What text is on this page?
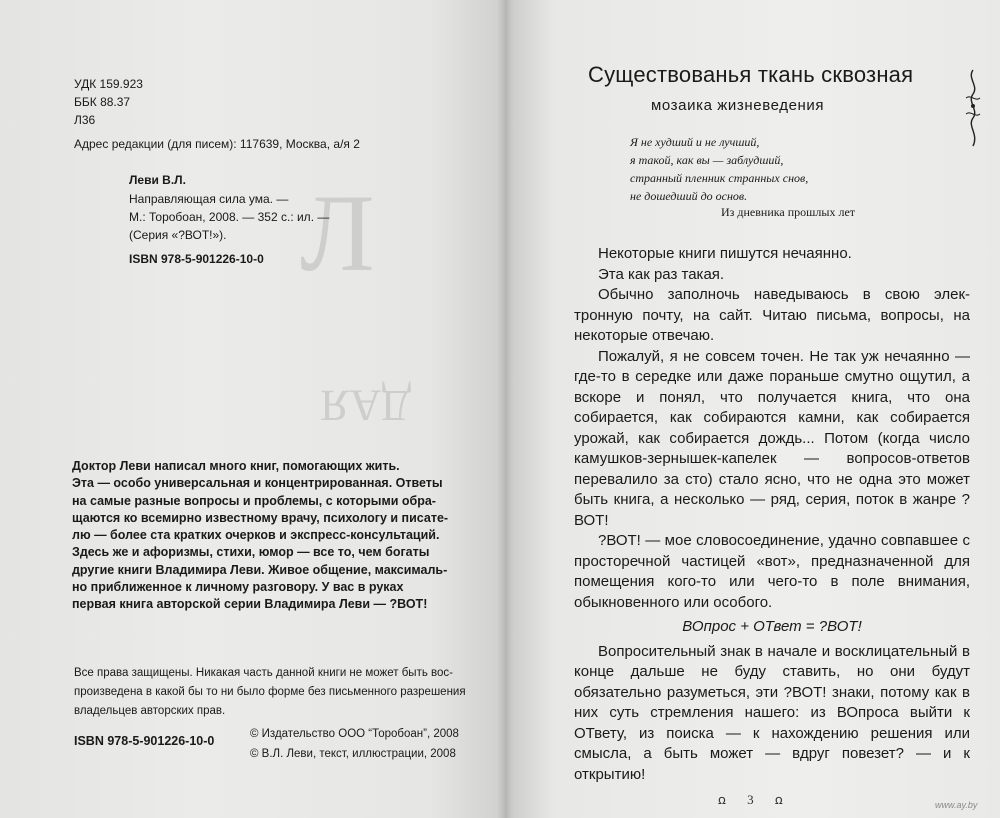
Л
ДАЯ
УДК 159.923
ББК 88.37
Л36
Адрес редакции (для писем): 117639, Москва, а/я 2
Леви В.Л.
Направляющая сила ума. —
М.: Торобоан, 2008. — 352 с.: ил. —
(Серия «?ВОТ!»).
ISBN 978-5-901226-10-0
Доктор Леви написал много книг, помогающих жить.
Эта — особо универсальная и концентрированная. Ответы
на самые разные вопросы и проблемы, с которыми обра-
щаются ко всемирно известному врачу, психологу и писате-
лю — более ста кратких очерков и экспресс-консультаций.
Здесь же и афоризмы, стихи, юмор — все то, чем богаты
другие книги Владимира Леви. Живое общение, максималь-
но приближенное к личному разговору. У вас в руках
первая книга авторской серии Владимира Леви — ?ВОТ!
Все права защищены. Никакая часть данной книги не может быть вос-
произведена в какой бы то ни было форме без письменного разрешения
владельцев авторских прав.
ISBN 978-5-901226-10-0	© Издательство ООО “Торобоан”, 2008
© В.Л. Леви, текст, иллюстрации, 2008
Существованья ткань сквозная
мозаика жизневедения
Я не худший и не лучший,
я такой, как вы — заблудший,
странный пленник странных снов,
не дошедший до основ.
Из дневника прошлых лет

Некоторые книги пишутся нечаянно.

Эта как раз такая.

Обычно заполночь наведываюсь в свою электронную почту, на сайт. Читаю письма, вопросы, на некоторые отвечаю.

Пожалуй, я не совсем точен. Не так уж нечаянно — где-то в середке или даже пораньше смутно ощутил, а вскоре и понял, что получается книга, что она собирается, как собираются камни, как собирается урожай, как собирается дождь... Потом (когда число камушков-зернышек-капелек — вопросов-ответов перевалило за сто) стало ясно, что не одна это может быть книга, а несколько — ряд, серия, поток в жанре ?ВОТ!

?ВОТ! — мое словосоединение, удачно совпавшее с просторечной частицей «вот», предназначенной для помещения кого-то или чего-то в поле внимания, обыкновенного или особого.

ВОпрос + ОТвет = ?ВОТ!

Вопросительный знак в начале и восклицательный в конце дальше не буду ставить, но они будут обязательно разуметься, эти ?ВОТ! знаки, потому как в них суть стремления нашего: из ВОпроса выйти к ОТвету, из поиска — к нахождению решения или смысла, а быть может — вдруг повезет? — и к открытию!

ꭥ 3 ꭥ	www.ay.by
